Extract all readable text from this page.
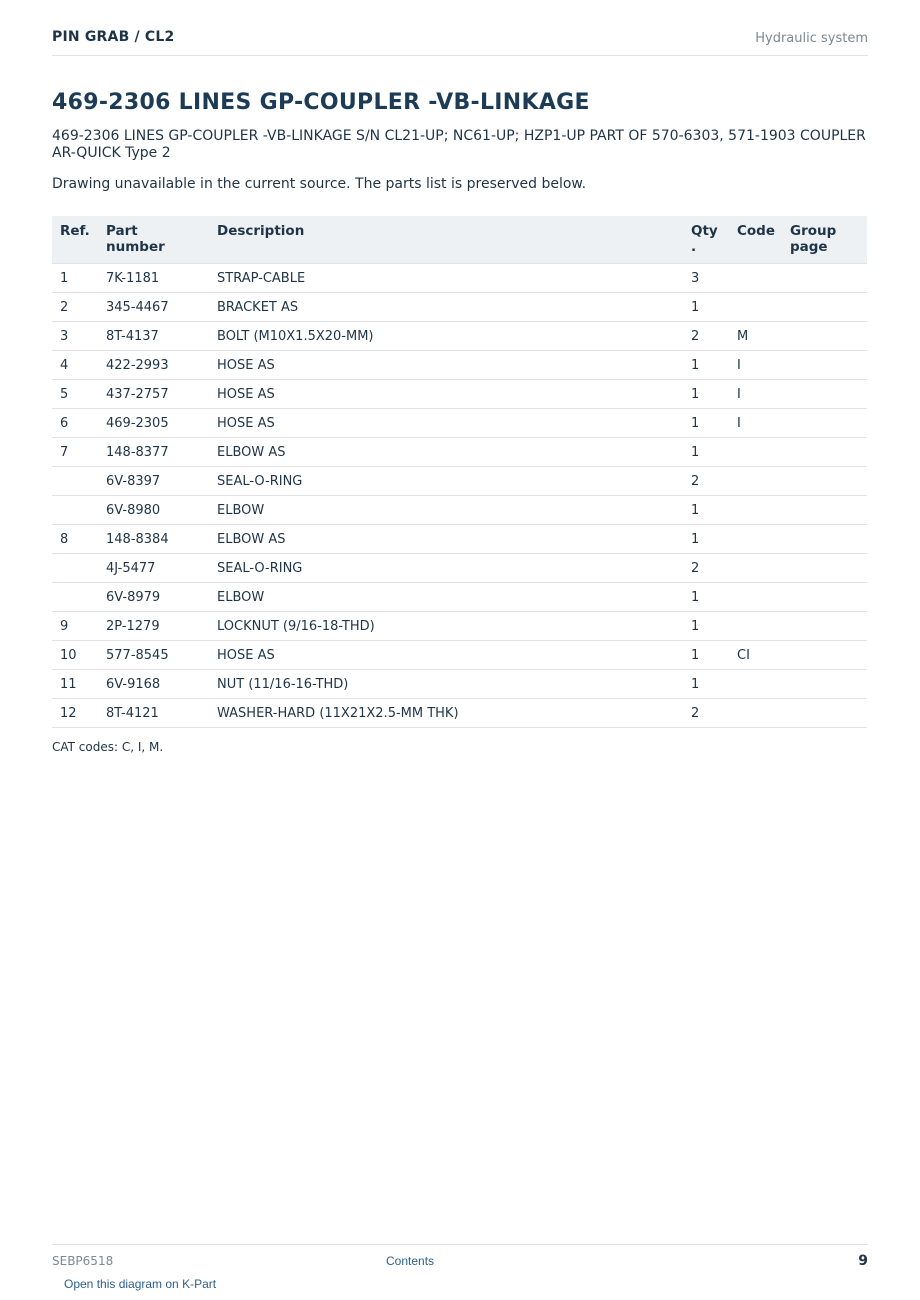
PIN GRAB / CL2	Hydraulic system
469-2306 LINES GP-COUPLER -VB-LINKAGE

469-2306 LINES GP-COUPLER -VB-LINKAGE S/N CL21-UP; NC61-UP; HZP1-UP PART OF 570-6303, 571-1903 COUPLER AR-QUICK Type 2

Drawing unavailable in the current source. The parts list is preserved below.

Ref.	Part number	Description	Qty .	Code	Group page
1	7K-1181	STRAP-CABLE	3		
2	345-4467	BRACKET AS	1		
3	8T-4137	BOLT (M10X1.5X20-MM)	2	M	
4	422-2993	HOSE AS	1	I	
5	437-2757	HOSE AS	1	I	
6	469-2305	HOSE AS	1	I	
7	148-8377	ELBOW AS	1		
	6V-8397	SEAL-O-RING	2		
	6V-8980	ELBOW	1		
8	148-8384	ELBOW AS	1		
	4J-5477	SEAL-O-RING	2		
	6V-8979	ELBOW	1		
9	2P-1279	LOCKNUT (9/16-18-THD)	1		
10	577-8545	HOSE AS	1	CI	
11	6V-9168	NUT (11/16-16-THD)	1		
12	8T-4121	WASHER-HARD (11X21X2.5-MM THK)	2		

CAT codes: C, I, M.

SEBP6518	Contents	9
Open this diagram on K-Part
